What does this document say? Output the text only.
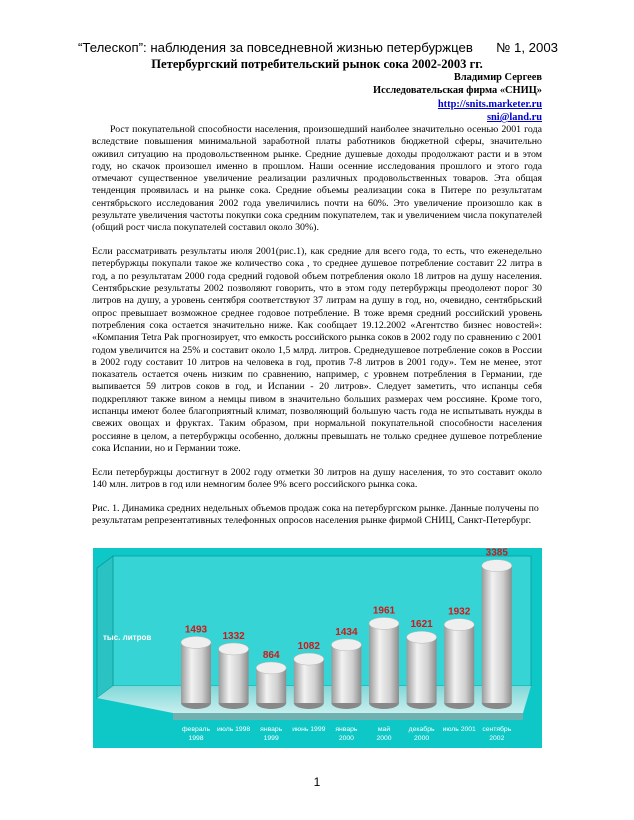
“Телескоп”: наблюдения за повседневной жизнью петербуржцев № 1, 2003
Петербургский потребительский рынок сока 2002-2003 гг.
Владимир Сергеев
Исследовательская фирма «СНИЦ»
http://snits.marketer.ru
sni@land.ru

Рост покупательной способности населения, произошедший наиболее значительно осенью 2001 года вследствие повышения минимальной заработной платы работников бюджетной сферы, значительно оживил ситуацию на продовольственном рынке. Средние душевые доходы продолжают расти и в этом году, но скачок произошел именно в прошлом. Наши осенние исследования прошлого и этого года отмечают существенное увеличение реализации различных продовольственных товаров. Эта общая тенденция проявилась и на рынке сока. Средние объемы реализации сока в Питере по результатам сентябрьского исследования 2002 года увеличились почти на 60%. Это увеличение произошло как в результате увеличения частоты покупки сока средним покупателем, так и увеличением числа покупателей (общий рост числа покупателей составил около 30%).

Если рассматривать результаты июля 2001(рис.1), как средние для всего года, то есть, что еженедельно петербуржцы покупали такое же количество сока , то среднее душевое потребление составит 22 литра в год, а по результатам 2000 года средний годовой объем потребления около 18 литров на душу населения. Сентябрьские результаты 2002 позволяют говорить, что в этом году петербуржцы преодолеют порог 30 литров на душу, а уровень сентября соответствуют 37 литрам на душу в год, но, очевидно, сентябрьский опрос превышает возможное среднее годовое потребление. В тоже время средний российский уровень потребления сока остается значительно ниже. Как сообщает 19.12.2002 «Агентство бизнес новостей»: «Компания Tetra Pak прогнозирует, что емкость российского рынка соков в 2002 году по сравнению с 2001 годом увеличится на 25% и составит около 1,5 млрд. литров. Среднедушевое потребление соков в России в 2002 году составит 10 литров на человека в год, против 7-8 литров в 2001 году». Тем не менее, этот показатель остается очень низким по сравнению, например, с уровнем потребления в Германии, где выпивается 59 литров соков в год, и Испании - 20 литров». Следует заметить, что испанцы себя подкрепляют также вином а немцы пивом в значительно больших размерах чем россияне. Кроме того, испанцы имеют более благоприятный климат, позволяющий большую часть года не испытывать нужды в свежих овощах и фруктах. Таким образом, при нормальной покупательной способности населения россияне в целом, а петербуржцы особенно, должны превышать не только среднее душевое потребление сока Испании, но и Германии тоже.

Если петербуржцы достигнут в 2002 году отметки 30 литров на душу населения, то это составит около 140 млн. литров в год или немногим более 9% всего российского рынка сока.

Рис. 1. Динамика средних недельных объемов продаж сока на петербургском рынке. Данные получены по результатам репрезентативных телефонных опросов населения рынке фирмой СНИЦ, Санкт-Петербург.

тыс. литров
1493
1332
864
1082
1434
1961
1621
1932
3385
февраль
1998
июль 1998 январь
1999
июнь 1999 январь
2000
май
2000
декабрь
2000
июль 2001 сентябрь
2002
1
